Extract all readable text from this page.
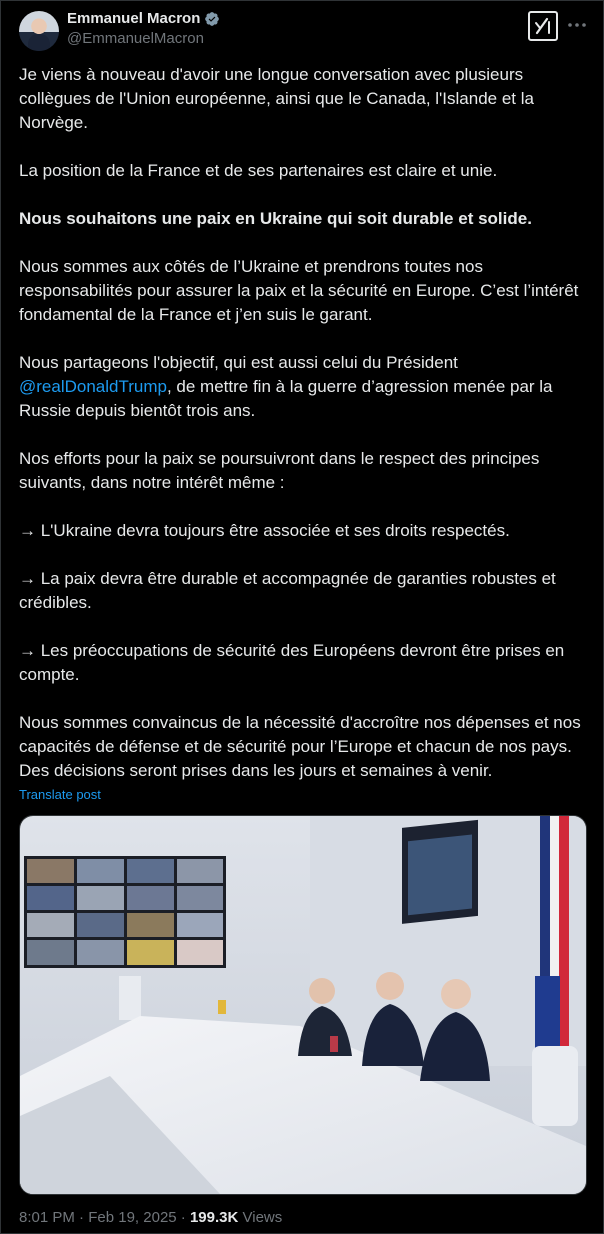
Emmanuel Macron
@EmmanuelMacron

Je viens à nouveau d'avoir une longue conversation avec plusieurs collègues de l'Union européenne, ainsi que le Canada, l'Islande et la Norvège.

La position de la France et de ses partenaires est claire et unie.

Nous souhaitons une paix en Ukraine qui soit durable et solide.

Nous sommes aux côtés de l’Ukraine et prendrons toutes nos responsabilités pour assurer la paix et la sécurité en Europe. C’est l’intérêt fondamental de la France et j’en suis le garant.

Nous partageons l'objectif, qui est aussi celui du Président @realDonaldTrump, de mettre fin à la guerre d’agression menée par la Russie depuis bientôt trois ans.

Nos efforts pour la paix se poursuivront dans le respect des principes suivants, dans notre intérêt même :

→ L'Ukraine devra toujours être associée et ses droits respectés.

→ La paix devra être durable et accompagnée de garanties robustes et crédibles.

→ Les préoccupations de sécurité des Européens devront être prises en compte.

Nous sommes convaincus de la nécessité d'accroître nos dépenses et nos capacités de défense et de sécurité pour l’Europe et chacun de nos pays. Des décisions seront prises dans les jours et semaines à venir.

Translate post
8:01 PM · Feb 19, 2025 · 199.3K Views
